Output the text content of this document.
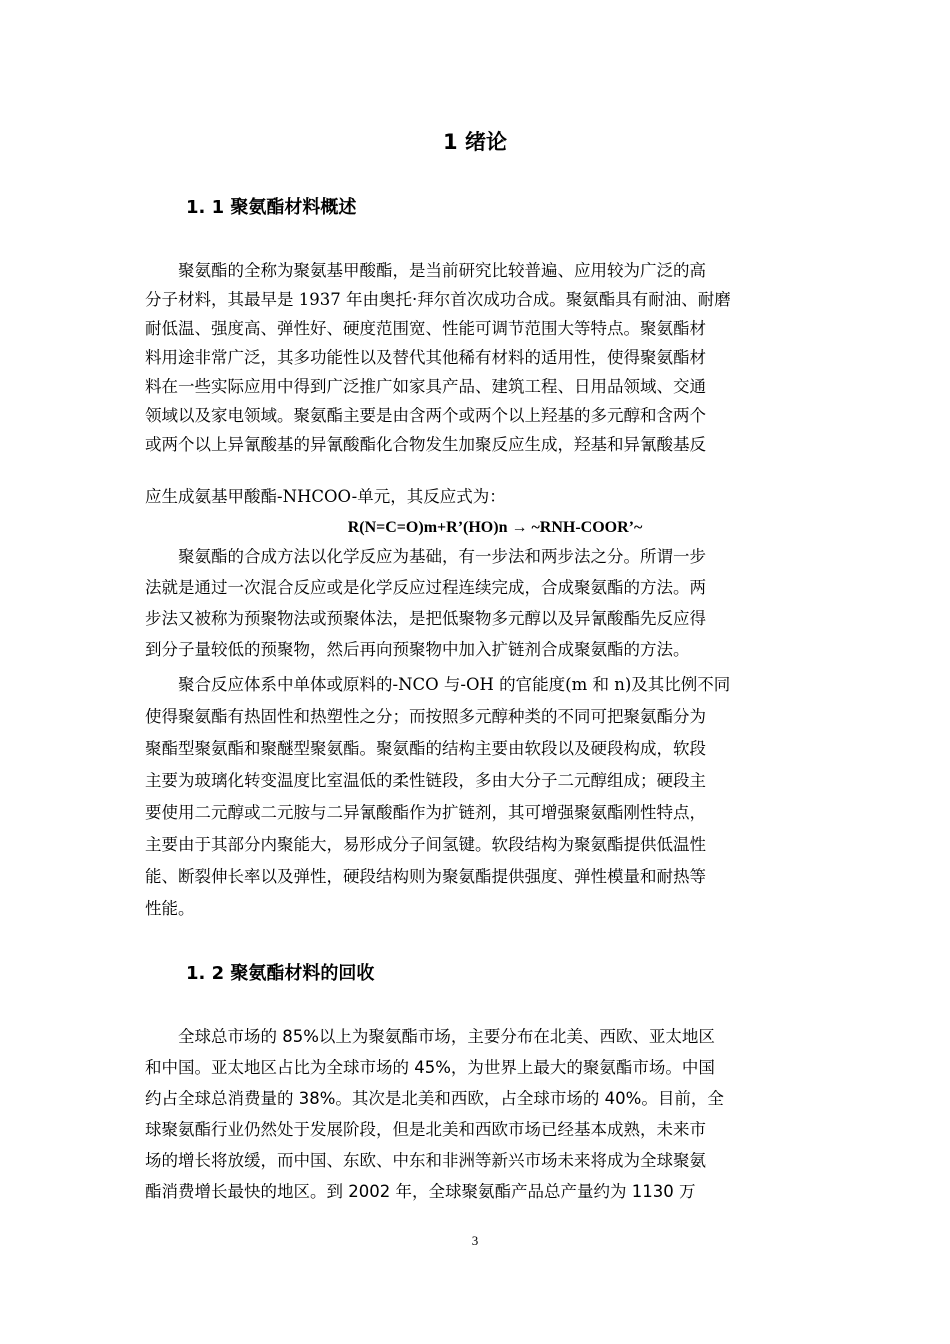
1 绪论
1. 1 聚氨酯材料概述

聚氨酯的全称为聚氨基甲酸酯，是当前研究比较普遍、应用较为广泛的高

分子材料，其最早是 1937 年由奥托·拜尔首次成功合成。聚氨酯具有耐油、耐磨

耐低温、强度高、弹性好、硬度范围宽、性能可调节范围大等特点。聚氨酯材

料用途非常广泛，其多功能性以及替代其他稀有材料的适用性，使得聚氨酯材

料在一些实际应用中得到广泛推广如家具产品、建筑工程、日用品领域、交通

领域以及家电领域。聚氨酯主要是由含两个或两个以上羟基的多元醇和含两个

或两个以上异氰酸基的异氰酸酯化合物发生加聚反应生成，羟基和异氰酸基反

应生成氨基甲酸酯-NHCOO-单元，其反应式为：

R(N=C=O)m+R’(HO)n → ~RNH-COOR’~

聚氨酯的合成方法以化学反应为基础，有一步法和两步法之分。所谓一步

法就是通过一次混合反应或是化学反应过程连续完成，合成聚氨酯的方法。两

步法又被称为预聚物法或预聚体法，是把低聚物多元醇以及异氰酸酯先反应得

到分子量较低的预聚物，然后再向预聚物中加入扩链剂合成聚氨酯的方法。

聚合反应体系中单体或原料的-NCO 与-OH 的官能度(m 和 n)及其比例不同

使得聚氨酯有热固性和热塑性之分；而按照多元醇种类的不同可把聚氨酯分为

聚酯型聚氨酯和聚醚型聚氨酯。聚氨酯的结构主要由软段以及硬段构成，软段

主要为玻璃化转变温度比室温低的柔性链段，多由大分子二元醇组成；硬段主

要使用二元醇或二元胺与二异氰酸酯作为扩链剂，其可增强聚氨酯刚性特点，

主要由于其部分内聚能大，易形成分子间氢键。软段结构为聚氨酯提供低温性

能、断裂伸长率以及弹性，硬段结构则为聚氨酯提供强度、弹性模量和耐热等

性能。

1. 2 聚氨酯材料的回收

全球总市场的 85%以上为聚氨酯市场，主要分布在北美、西欧、亚太地区

和中国。亚太地区占比为全球市场的 45%，为世界上最大的聚氨酯市场。中国

约占全球总消费量的 38%。其次是北美和西欧，占全球市场的 40%。目前，全

球聚氨酯行业仍然处于发展阶段，但是北美和西欧市场已经基本成熟，未来市

场的增长将放缓，而中国、东欧、中东和非洲等新兴市场未来将成为全球聚氨

酯消费增长最快的地区。到 2002 年，全球聚氨酯产品总产量约为 1130 万

3
